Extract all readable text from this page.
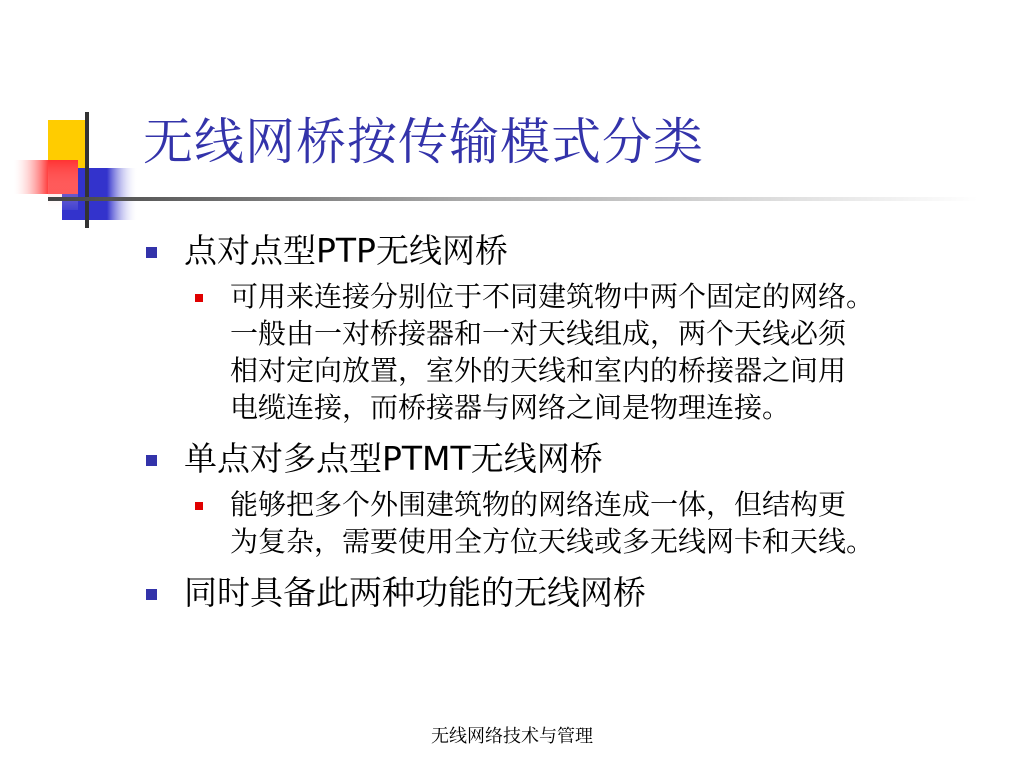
无线网桥按传输模式分类
点对点型PTP无线网桥
可用来连接分别位于不同建筑物中两个固定的网络。
一般由一对桥接器和一对天线组成，两个天线必须
相对定向放置，室外的天线和室内的桥接器之间用
电缆连接，而桥接器与网络之间是物理连接。
单点对多点型PTMT无线网桥
能够把多个外围建筑物的网络连成一体，但结构更
为复杂，需要使用全方位天线或多无线网卡和天线。
同时具备此两种功能的无线网桥
无线网络技术与管理
